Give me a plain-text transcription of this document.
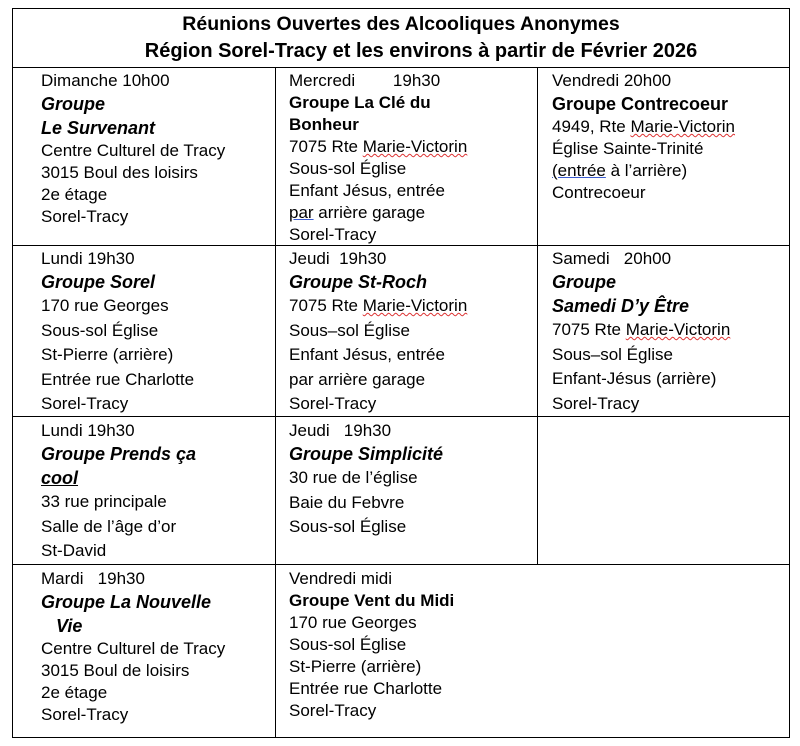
Réunions Ouvertes des Alcooliques Anonymes
Région Sorel-Tracy et les environs à partir de Février 2026
Dimanche 10h00
Groupe
Le Survenant
Centre Culturel de Tracy
3015 Boul des loisirs
2e étage
Sorel-Tracy
Mercredi        19h30
Groupe La Clé du
Bonheur
7075 Rte Marie-Victorin
Sous-sol Église
Enfant Jésus, entrée
par arrière garage
Sorel-Tracy
Vendredi 20h00
Groupe Contrecoeur
4949, Rte Marie-Victorin
Église Sainte-Trinité
(entrée à l’arrière)
Contrecoeur
Lundi 19h30
Groupe Sorel
170 rue Georges
Sous-sol Église
St-Pierre (arrière)
Entrée rue Charlotte
Sorel-Tracy
Jeudi  19h30
Groupe St-Roch
7075 Rte Marie-Victorin
Sous–sol Église
Enfant Jésus, entrée
par arrière garage
Sorel-Tracy
Samedi   20h00
Groupe
Samedi D’y Être
7075 Rte Marie-Victorin
Sous–sol Église
Enfant-Jésus (arrière)
Sorel-Tracy
Lundi 19h30
Groupe Prends ça
cool
33 rue principale
Salle de l’âge d’or
St-David
Jeudi   19h30
Groupe Simplicité
30 rue de l’église
Baie du Febvre
Sous-sol Église
Mardi   19h30
Groupe La Nouvelle
Vie
Centre Culturel de Tracy
3015 Boul de loisirs
2e étage
Sorel-Tracy
Vendredi midi
Groupe Vent du Midi
170 rue Georges
Sous-sol Église
St-Pierre (arrière)
Entrée rue Charlotte
Sorel-Tracy
